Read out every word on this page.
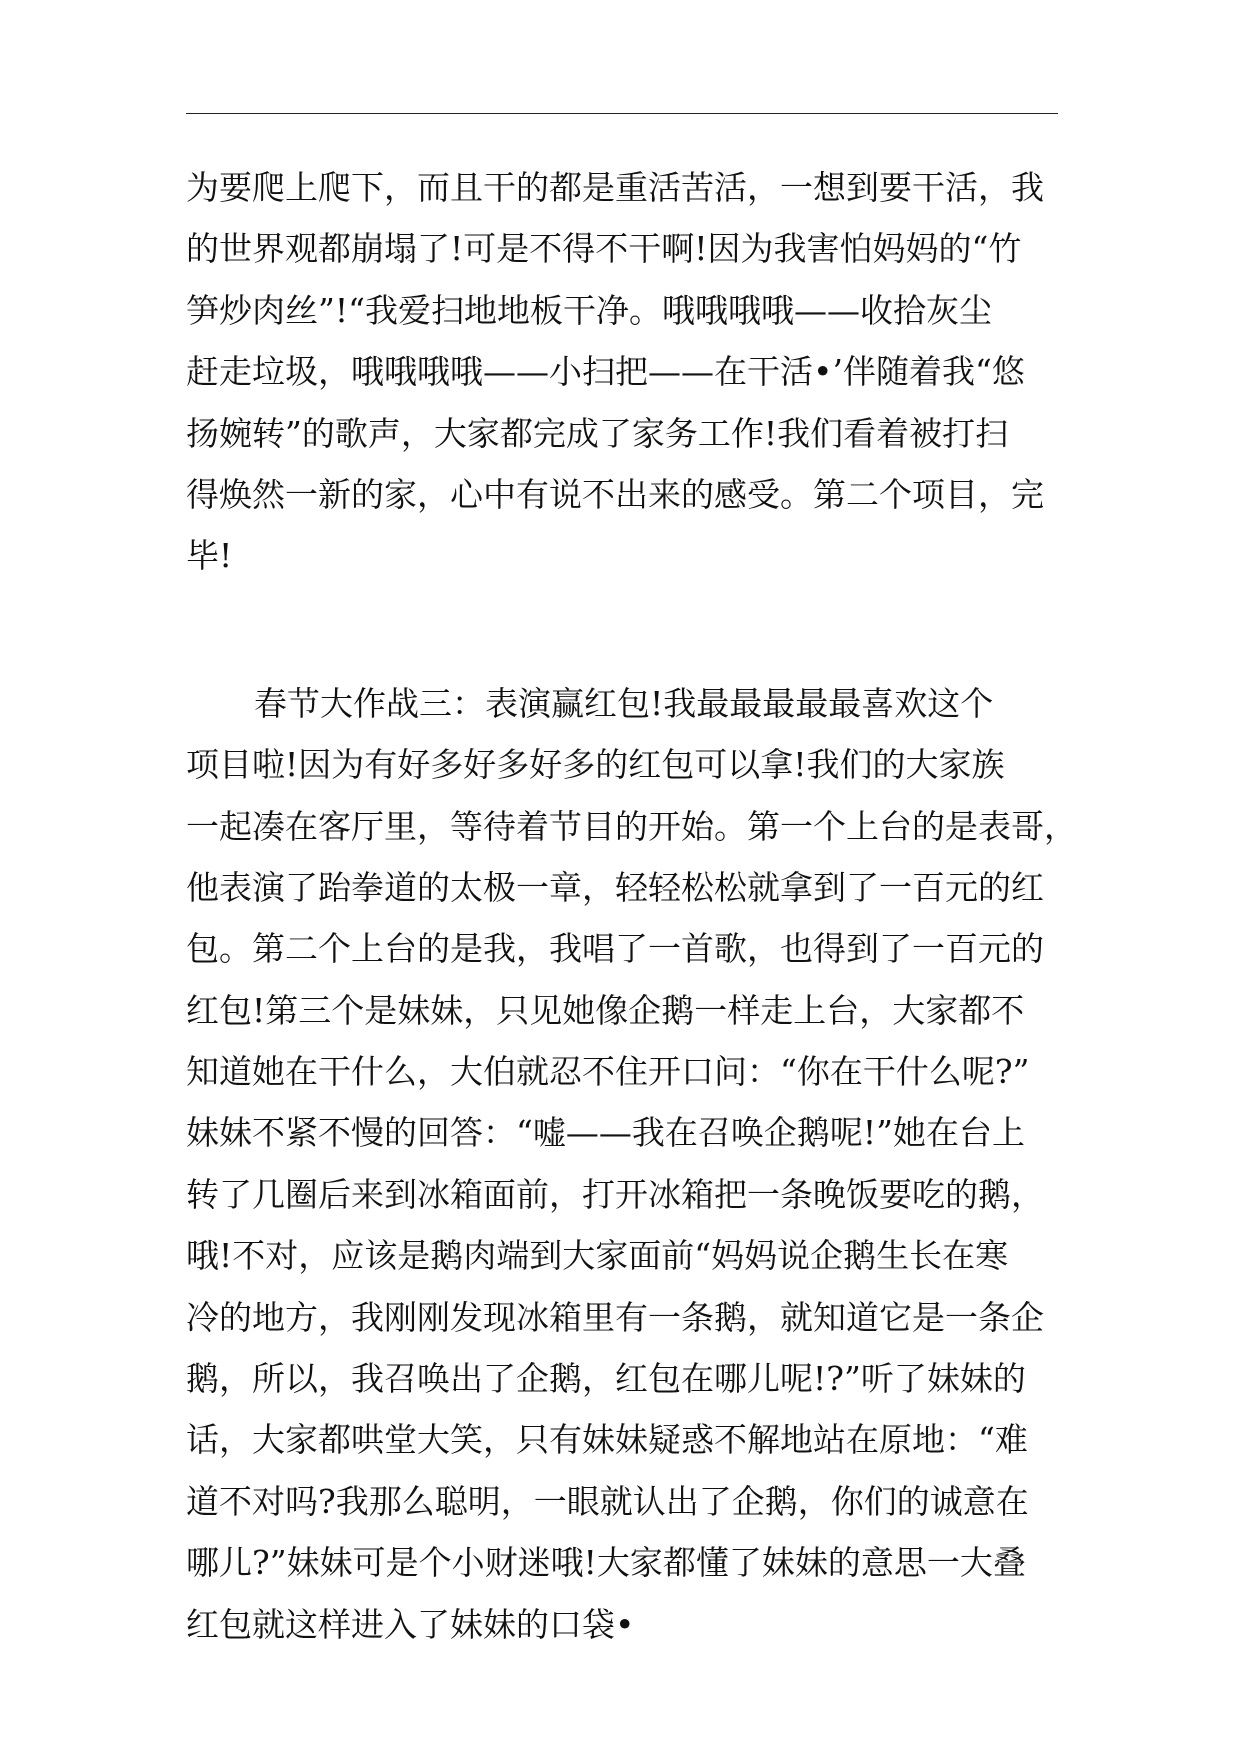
为要爬上爬下，而且干的都是重活苦活，一想到要干活，我
的世界观都崩塌了!可是不得不干啊!因为我害怕妈妈的“竹
笋炒肉丝”!“我爱扫地地板干净。哦哦哦哦——收拾灰尘
赶走垃圾，哦哦哦哦——小扫把——在干活•’伴随着我“悠
扬婉转”的歌声，大家都完成了家务工作!我们看着被打扫
得焕然一新的家，心中有说不出来的感受。第二个项目，完
毕!
春节大作战三：表演赢红包!我最最最最最喜欢这个
项目啦!因为有好多好多好多的红包可以拿!我们的大家族
一起凑在客厅里，等待着节目的开始。第一个上台的是表哥，
他表演了跆拳道的太极一章，轻轻松松就拿到了一百元的红
包。第二个上台的是我，我唱了一首歌，也得到了一百元的
红包!第三个是妹妹，只见她像企鹅一样走上台，大家都不
知道她在干什么，大伯就忍不住开口问：“你在干什么呢?”
妹妹不紧不慢的回答：“嘘——我在召唤企鹅呢!”她在台上
转了几圈后来到冰箱面前，打开冰箱把一条晚饭要吃的鹅，
哦!不对，应该是鹅肉端到大家面前“妈妈说企鹅生长在寒
冷的地方，我刚刚发现冰箱里有一条鹅，就知道它是一条企
鹅，所以，我召唤出了企鹅，红包在哪儿呢!?”听了妹妹的
话，大家都哄堂大笑，只有妹妹疑惑不解地站在原地：“难
道不对吗?我那么聪明，一眼就认出了企鹅，你们的诚意在
哪儿?”妹妹可是个小财迷哦!大家都懂了妹妹的意思一大叠
红包就这样进入了妹妹的口袋•
